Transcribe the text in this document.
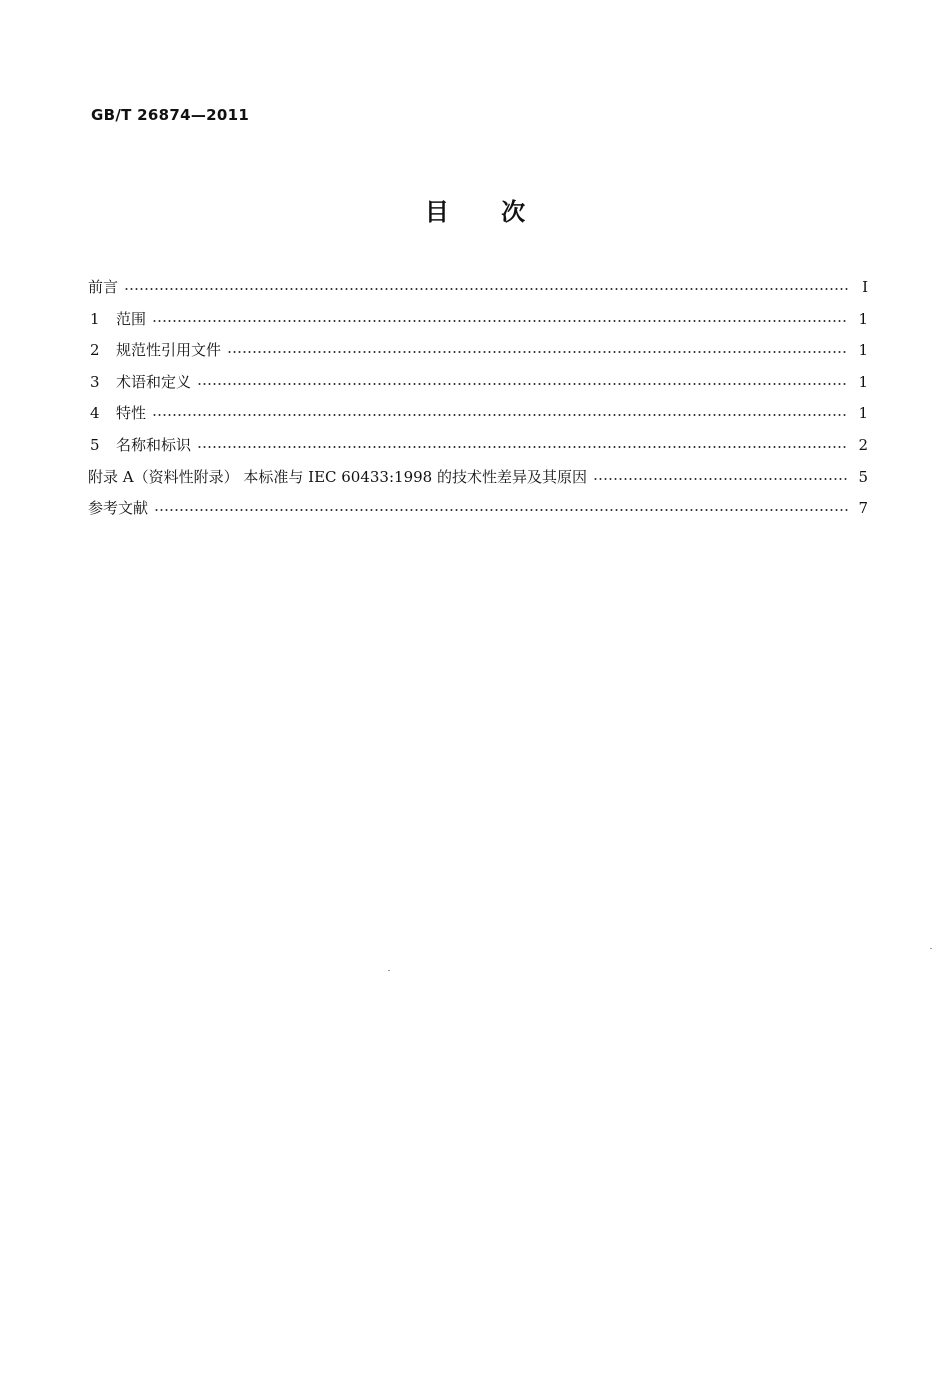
GB/T 26874—2011
目 次
前言	Ⅰ
1	范围	1
2	规范性引用文件	1
3	术语和定义	1
4	特性	1
5	名称和标识	2
附录 A（资料性附录） 本标准与 IEC 60433:1998 的技术性差异及其原因	5
参考文献	7
